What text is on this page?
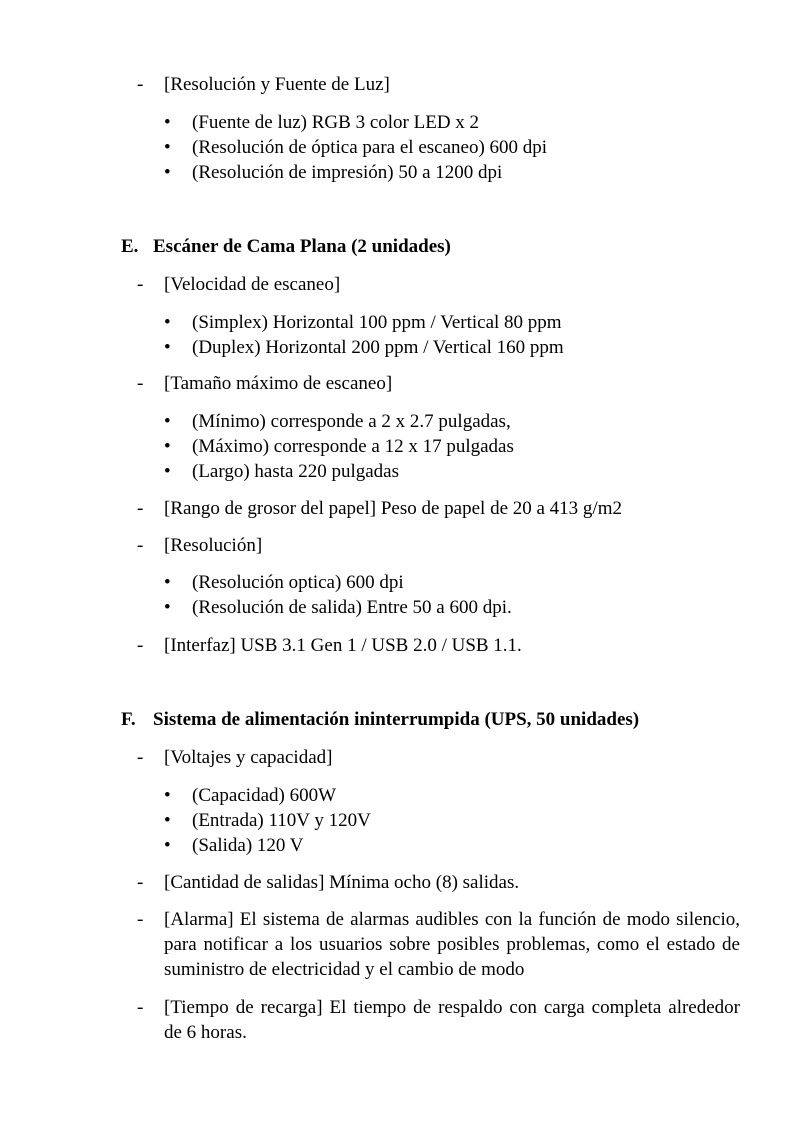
- [Resolución y Fuente de Luz]
• (Fuente de luz) RGB 3 color LED x 2
• (Resolución de óptica para el escaneo) 600 dpi
• (Resolución de impresión) 50 a 1200 dpi
E. Escáner de Cama Plana (2 unidades)
- [Velocidad de escaneo]
• (Simplex) Horizontal 100 ppm / Vertical 80 ppm
• (Duplex) Horizontal 200 ppm / Vertical 160 ppm
- [Tamaño máximo de escaneo]
• (Mínimo) corresponde a 2 x 2.7 pulgadas,
• (Máximo) corresponde a 12 x 17 pulgadas
• (Largo) hasta 220 pulgadas
- [Rango de grosor del papel] Peso de papel de 20 a 413 g/m2
- [Resolución]
• (Resolución optica) 600 dpi
• (Resolución de salida) Entre 50 a 600 dpi.
- [Interfaz] USB 3.1 Gen 1 / USB 2.0 / USB 1.1.
F. Sistema de alimentación ininterrumpida (UPS, 50 unidades)
- [Voltajes y capacidad]
• (Capacidad) 600W
• (Entrada) 110V y 120V
• (Salida) 120 V
- [Cantidad de salidas] Mínima ocho (8) salidas.
- [Alarma] El sistema de alarmas audibles con la función de modo silencio, para notificar a los usuarios sobre posibles problemas, como el estado de suministro de electricidad y el cambio de modo
- [Tiempo de recarga] El tiempo de respaldo con carga completa alrededor de 6 horas.
